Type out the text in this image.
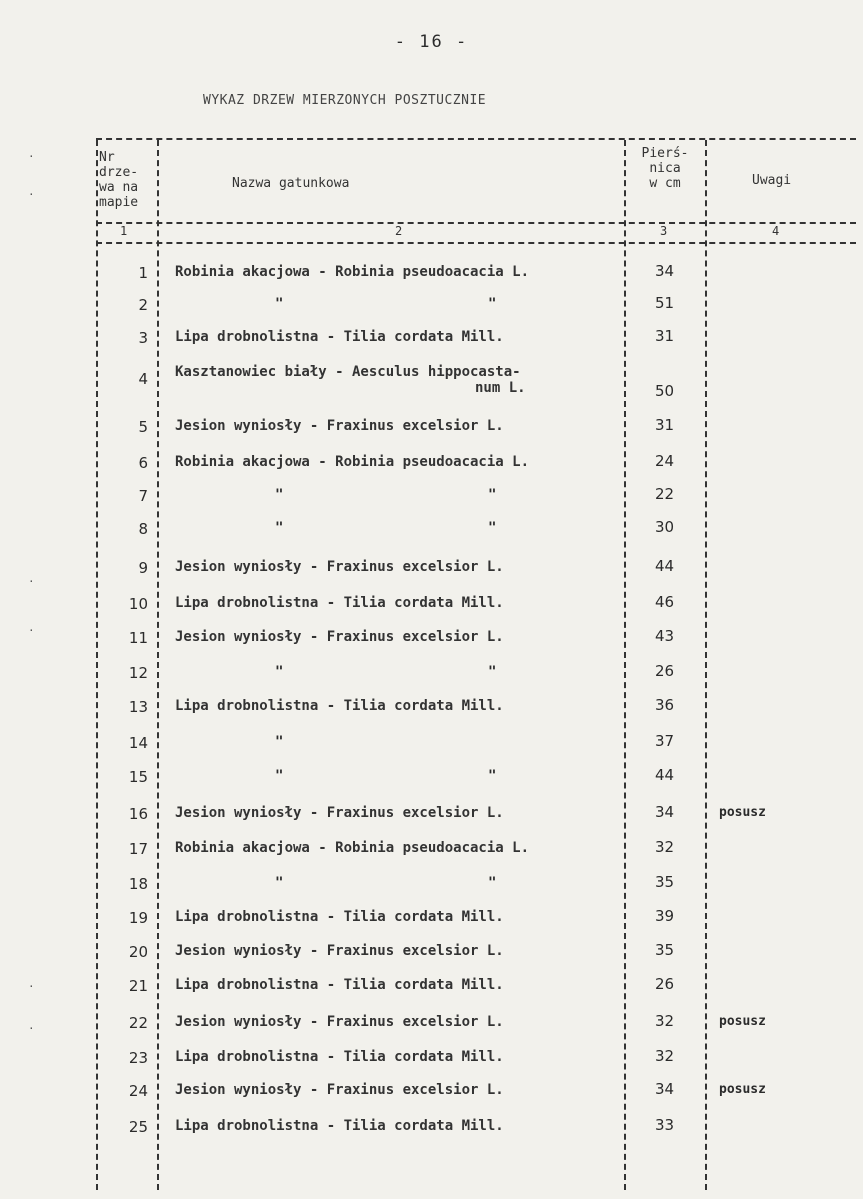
- 16 -
WYKAZ DRZEW MIERZONYCH POSZTUCZNIE
Nr
drze-
wa na
mapie
Nazwa gatunkowa
Pierś-
nica
w cm	Uwagi
1	2	3	4
1 Robinia akacjowa - Robinia pseudoacacia L.	34
2	"	"	51
3 Lipa drobnolistna - Tilia cordata Mill.	31
4 Kasztanowiec biały - Aesculus hippocasta-
num L.	50
5 Jesion wyniosły - Fraxinus excelsior L.	31
6 Robinia akacjowa - Robinia pseudoacacia L.	24
7	"	"	22
8	"	"	30
9 Jesion wyniosły - Fraxinus excelsior L.	44
10 Lipa drobnolistna - Tilia cordata Mill.	46
11 Jesion wyniosły - Fraxinus excelsior L.	43
12	"	"	26
13 Lipa drobnolistna - Tilia cordata Mill.	36
14	"	37
15	"	"	44
16 Jesion wyniosły - Fraxinus excelsior L.	34	posusz
17 Robinia akacjowa - Robinia pseudoacacia L.	32
18	"	"	35
19 Lipa drobnolistna - Tilia cordata Mill.	39
20 Jesion wyniosły - Fraxinus excelsior L.	35
21 Lipa drobnolistna - Tilia cordata Mill.	26
22 Jesion wyniosły - Fraxinus excelsior L.	32	posusz
23 Lipa drobnolistna - Tilia cordata Mill.	32
24 Jesion wyniosły - Fraxinus excelsior L.	34	posusz
25 Lipa drobnolistna - Tilia cordata Mill.	33
·
·
·
·
·
·
